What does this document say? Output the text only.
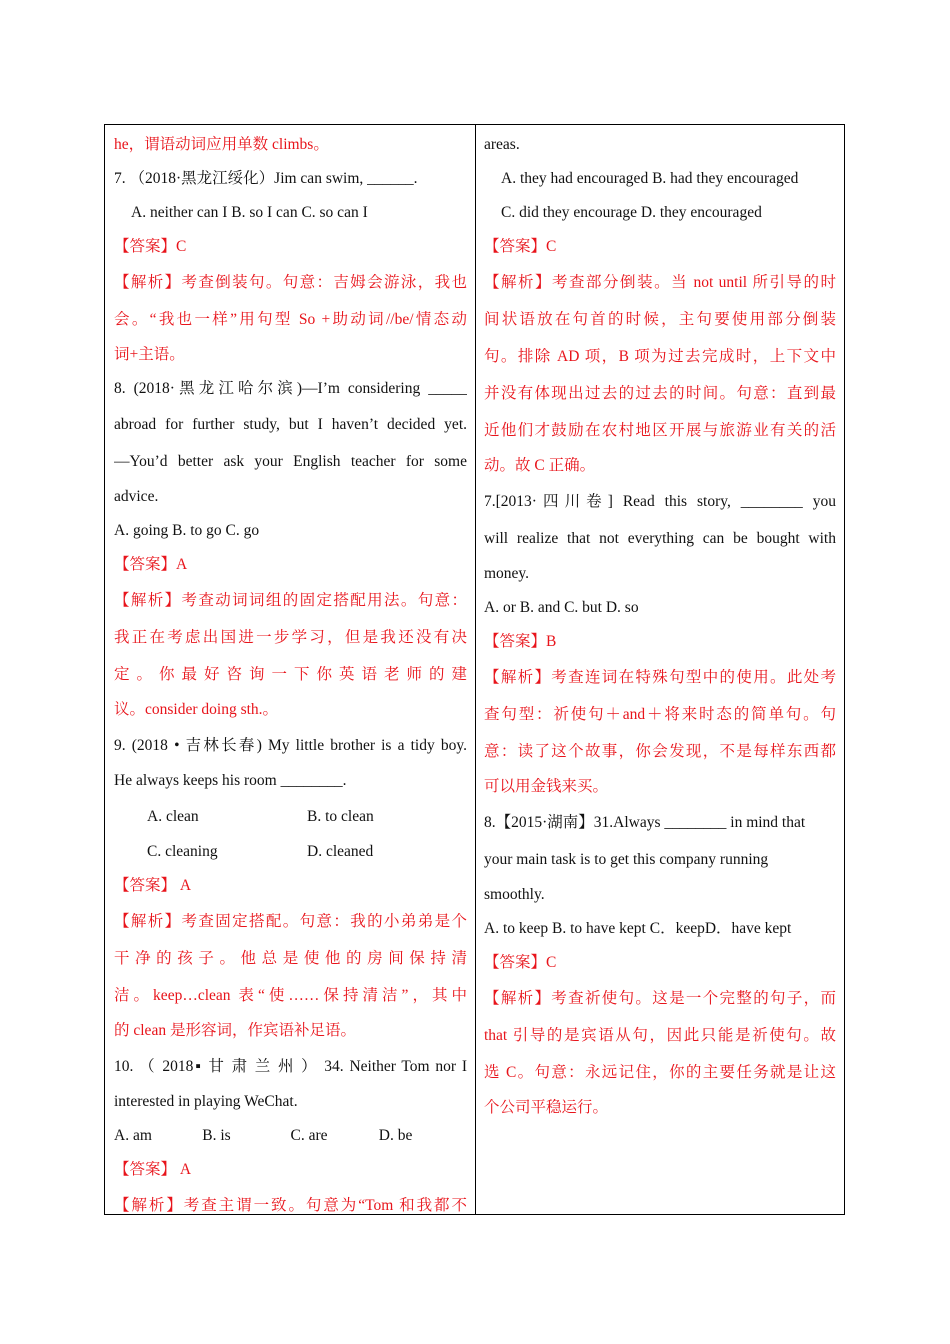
he，谓语动词应用单数 climbs。
7. （2018·黑龙江绥化）Jim can swim, ______.
A. neither can I B. so I can C. so can I
【答案】C
【解析】考查倒装句。句意：吉姆会游泳，我也
会。“我也一样”用句型 So +助动词//be/情态动
词+主语。
8. (2018·黑龙江哈尔滨)—I’m considering _____
abroad for further study, but I haven’t decided yet.
—You’d better ask your English teacher for some
advice.
A. going B. to go C. go
【答案】A
【解析】考查动词词组的固定搭配用法。句意：
我正在考虑出国进一步学习，但是我还没有决
定 。 你 最 好 咨 询 一 下 你 英 语 老 师 的 建
议。consider doing sth.。
9. (2018 • 吉林长春) My little brother is a tidy boy.
He always keeps his room ________.
A. clean	B. to clean
C. cleaning	D. cleaned
【答案】 A
【解析】考查固定搭配。句意：我的小弟弟是个
干 净 的 孩 子 。 他 总 是 使 他 的 房 间 保 持 清
洁。keep…clean 表“使……保持清洁”，其中
的 clean 是形容词，作宾语补足语。
10. （ 2018▪ 甘 肃 兰 州 ） 34. Neither Tom nor I
interested in playing WeChat.
A. am	B. is	C. are	D. be
【答案】 A
【解析】考查主谓一致。句意为“Tom 和我都不
areas.
A. they had encouraged B. had they encouraged
C. did they encourage D. they encouraged
【答案】C
【解析】考查部分倒装。当 not until 所引导的时
间状语放在句首的时候，主句要使用部分倒装
句。排除 AD 项，B 项为过去完成时，上下文中
并没有体现出过去的过去的时间。句意：直到最
近他们才鼓励在农村地区开展与旅游业有关的活
动。故 C 正确。
7.[2013·四川卷] Read this story, ________ you
will realize that not everything can be bought with
money.
A. or B. and C. but D. so
【答案】B
【解析】考查连词在特殊句型中的使用。此处考
查句型：祈使句＋and＋将来时态的简单句。句
意：读了这个故事，你会发现，不是每样东西都
可以用金钱来买。
8.【2015·湖南】31.Always ________ in mind that
your main task is to get this company running
smoothly.
A. to keep B. to have kept C．keepD．have kept
【答案】C
【解析】考查祈使句。这是一个完整的句子，而
that 引导的是宾语从句，因此只能是祈使句。故
选 C。句意：永远记住，你的主要任务就是让这
个公司平稳运行。
